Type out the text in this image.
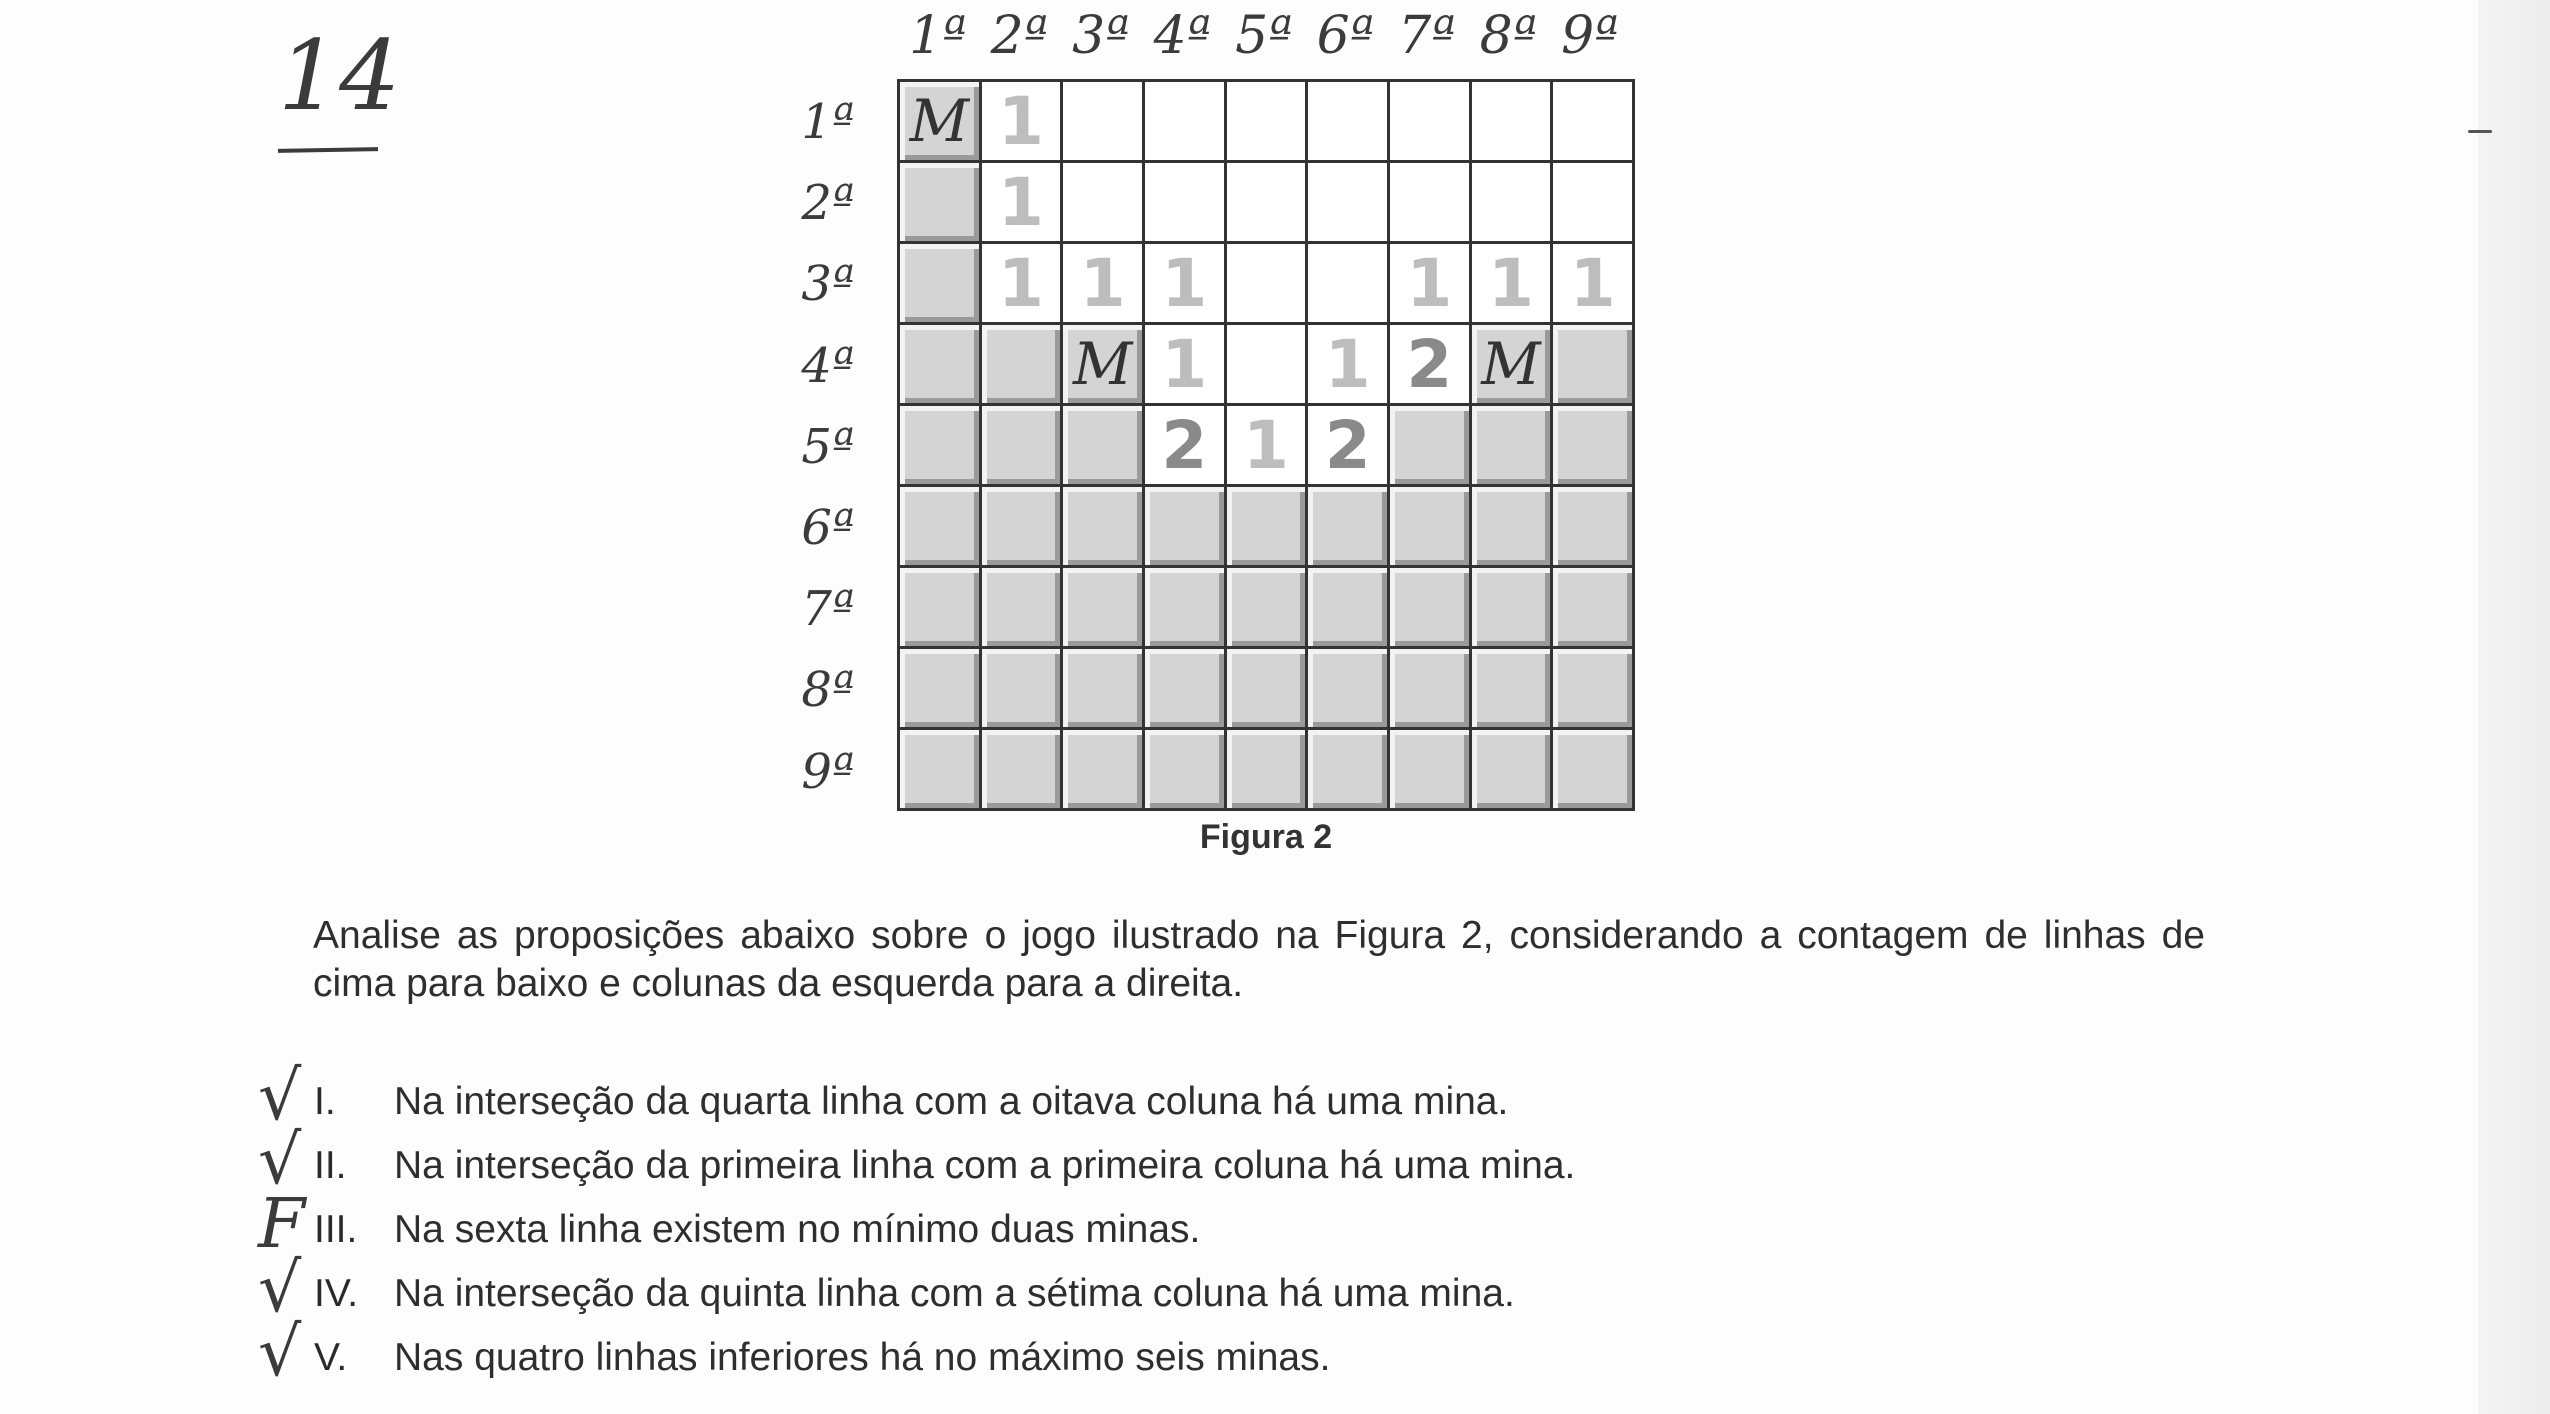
14	1ª 2ª 3ª 4ª 5ª 6ª 7ª 8ª 9ª
1ª
2ª
3ª
4ª
5ª
6ª
7ª
8ª
9ª
M 1
1
1 1 1	1 1 1
M 1 1 2 M
2 1 2
Figura 2
Analise as proposições abaixo sobre o jogo ilustrado na Figura 2, considerando a contagem de linhas de cima para baixo e colunas da esquerda para a direita.
√ I. Na interseção da quarta linha com a oitava coluna há uma mina.
√ II. Na interseção da primeira linha com a primeira coluna há uma mina.
F III. Na sexta linha existem no mínimo duas minas.
√ IV. Na interseção da quinta linha com a sétima coluna há uma mina.
√ V. Nas quatro linhas inferiores há no máximo seis minas.
